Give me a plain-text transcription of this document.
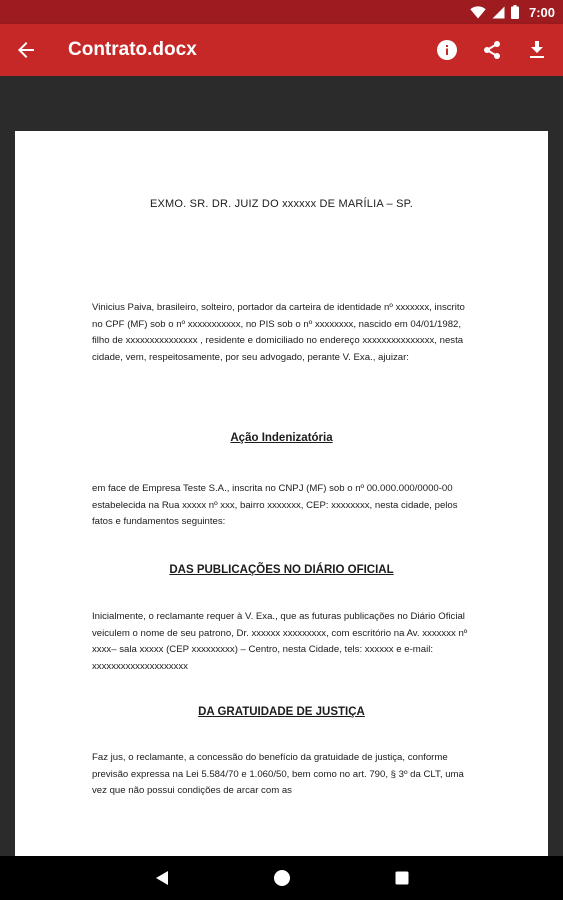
7:00
Contrato.docx
EXMO. SR. DR. JUIZ DO xxxxxx DE MARÍLIA – SP.
Vinicius Paiva, brasileiro, solteiro, portador da carteira de identidade nº xxxxxxx, inscrito no CPF (MF) sob o nº xxxxxxxxxxx, no PIS sob o nº xxxxxxxx, nascido em 04/01/1982, filho de xxxxxxxxxxxxxxx , residente e domiciliado no endereço xxxxxxxxxxxxxxx, nesta cidade, vem, respeitosamente, por seu advogado, perante V. Exa., ajuizar:
Ação Indenizatória
em face de Empresa Teste S.A., inscrita no CNPJ (MF) sob o nº 00.000.000/0000-00 estabelecida na Rua xxxxx nº xxx, bairro xxxxxxx, CEP: xxxxxxxx, nesta cidade, pelos fatos e fundamentos seguintes:
DAS PUBLICAÇÕES NO DIÁRIO OFICIAL
Inicialmente, o reclamante requer à V. Exa., que as futuras publicações no Diário Oficial veiculem o nome de seu patrono, Dr. xxxxxx xxxxxxxxx, com escritório na Av. xxxxxxx nº xxxx– sala xxxxx (CEP xxxxxxxxx) – Centro, nesta Cidade, tels: xxxxxx e e-mail: xxxxxxxxxxxxxxxxxxxx
DA GRATUIDADE DE JUSTIÇA
Faz jus, o reclamante, a concessão do benefício da gratuidade de justiça, conforme previsão expressa na Lei 5.584/70 e 1.060/50, bem como no art. 790, § 3º da CLT, uma vez que não possui condições de arcar com as
